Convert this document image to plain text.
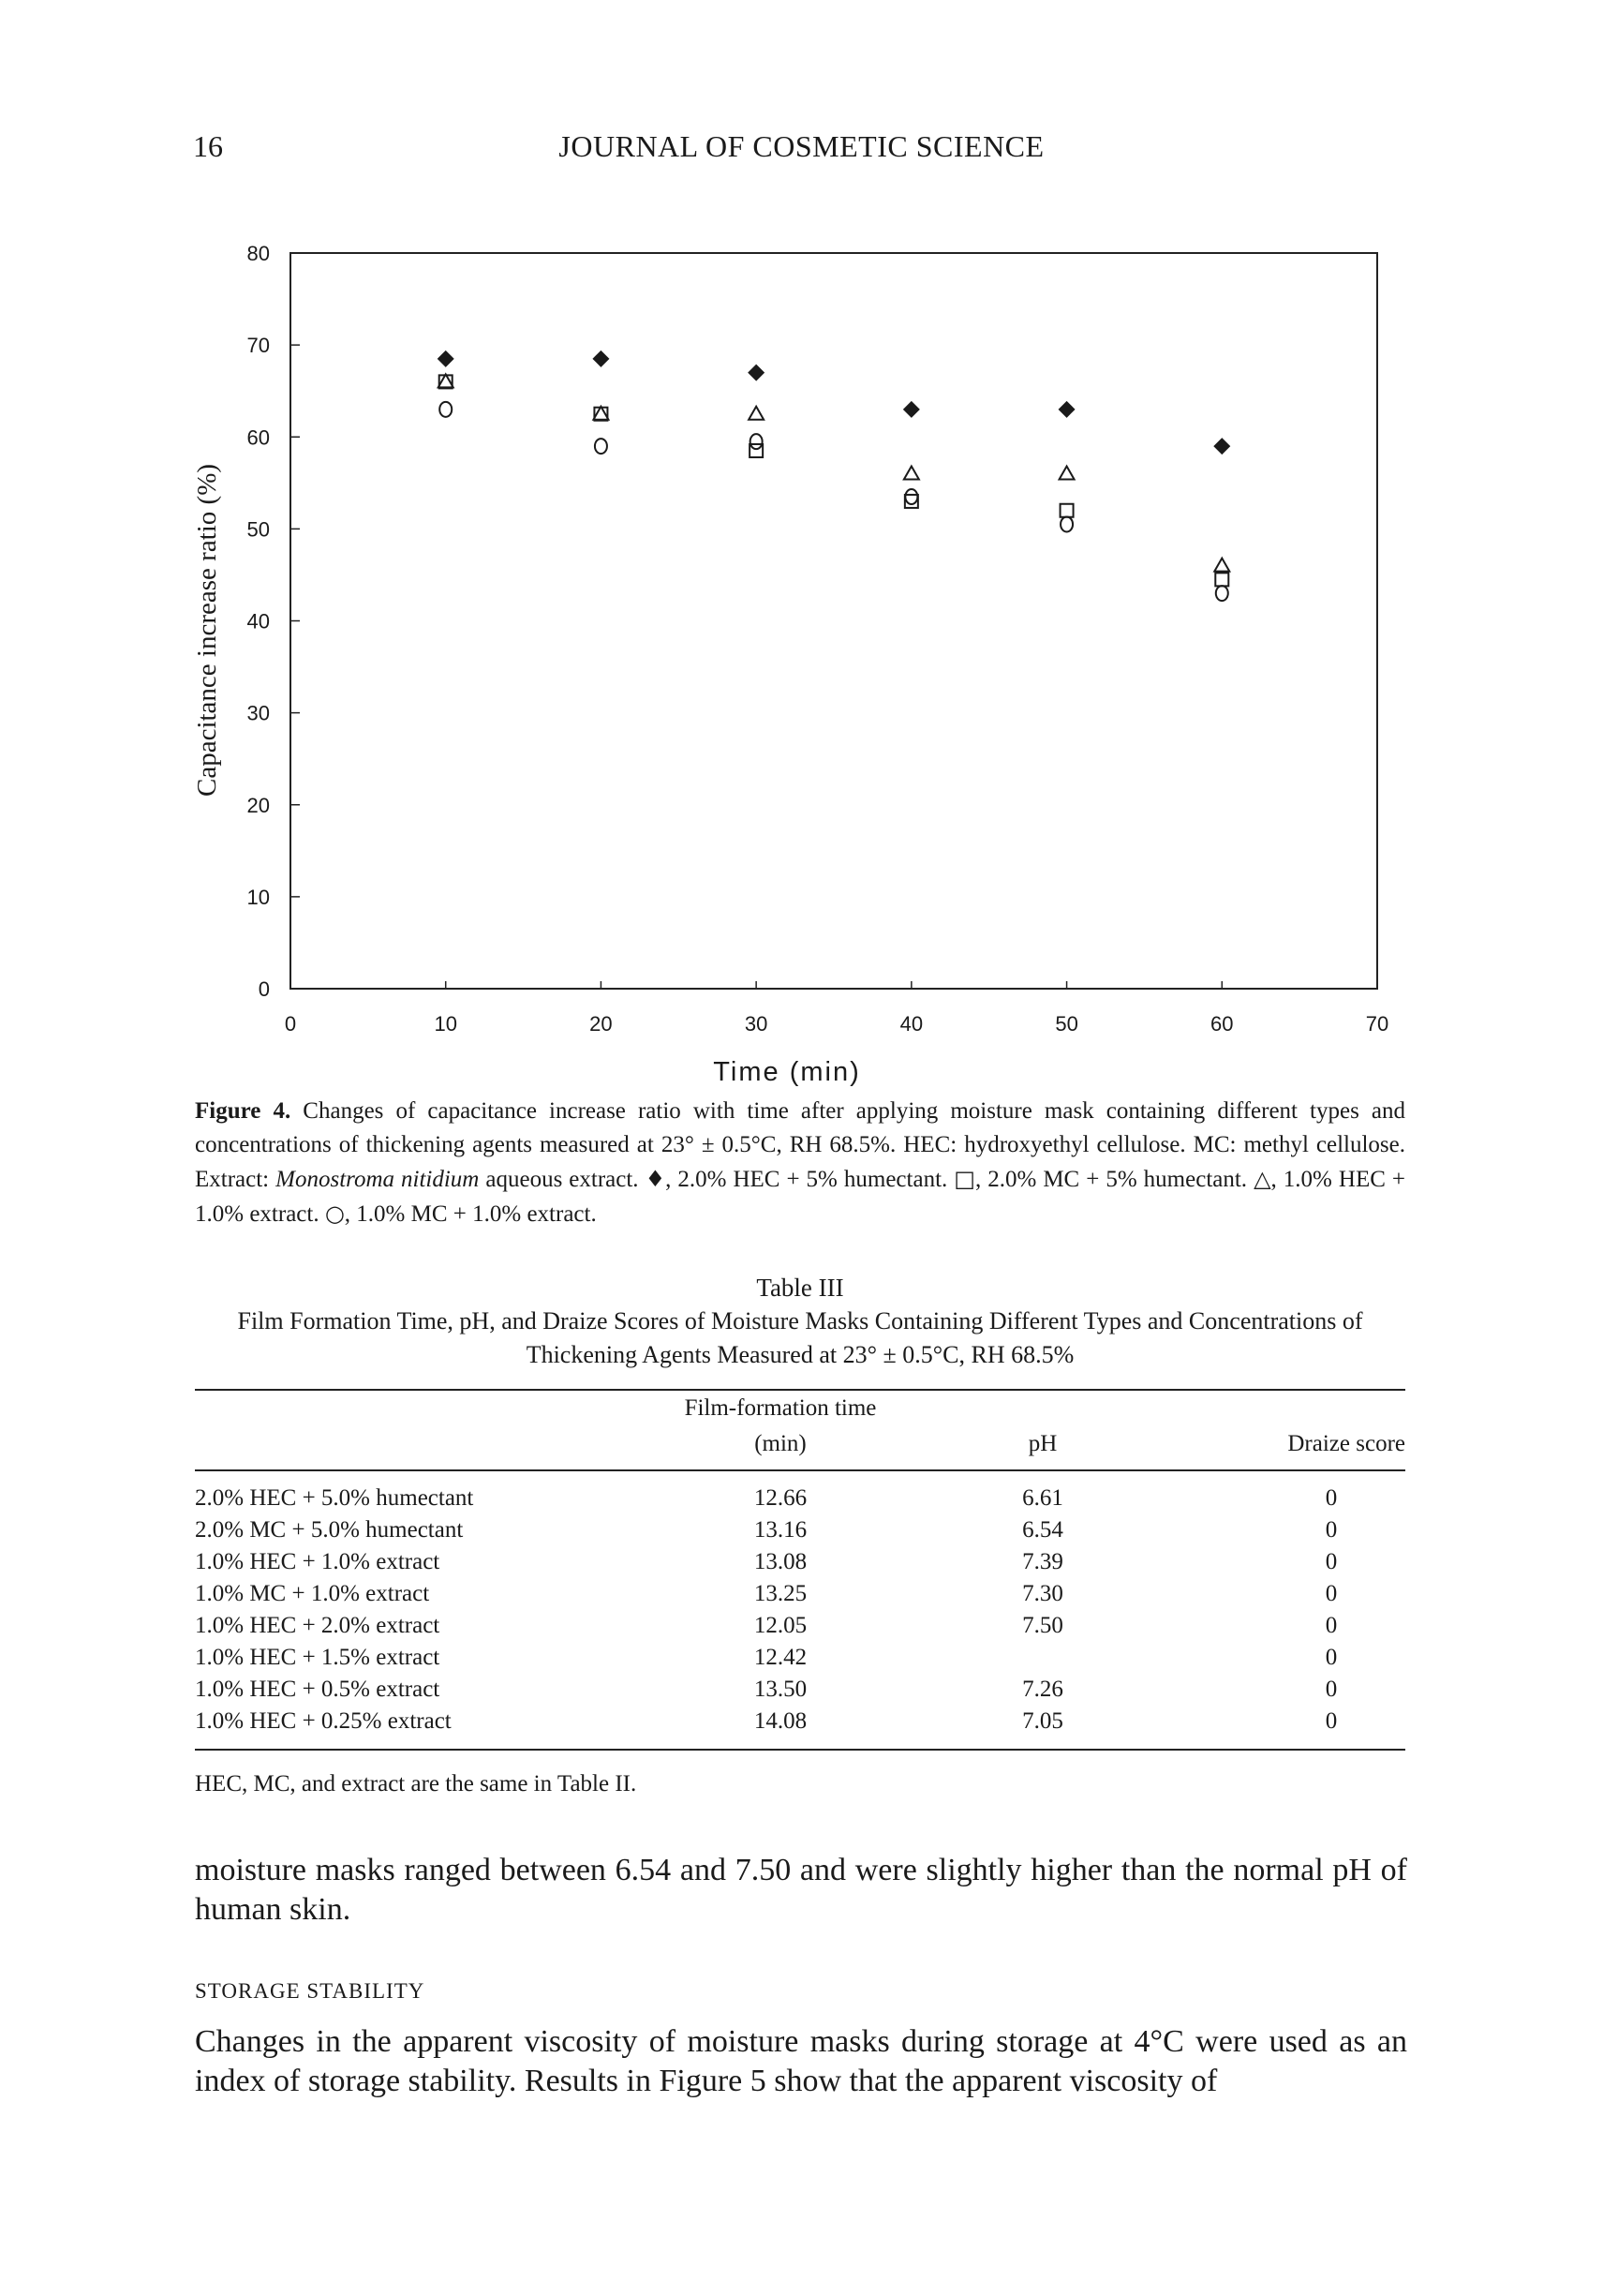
16	JOURNAL OF COSMETIC SCIENCE
0
10
20
30
40
50
60
70
80
0	10	20	30	40	50	60	70
Time (min)
Capacitance increase ratio (%)
Figure 4. Changes of capacitance increase ratio with time after applying moisture mask containing different types and concentrations of thickening agents measured at 23° ± 0.5°C, RH 68.5%. HEC: hydroxyethyl cellulose. MC: methyl cellulose. Extract: Monostroma nitidium aqueous extract. ♦, 2.0% HEC + 5% humectant. □, 2.0% MC + 5% humectant. △, 1.0% HEC + 1.0% extract. ○, 1.0% MC + 1.0% extract.
Table III
Film Formation Time, pH, and Draize Scores of Moisture Masks Containing Different Types and Concentrations of Thickening Agents Measured at 23° ± 0.5°C, RH 68.5%
	Film-formation time		
	(min)	pH	Draize score

2.0% HEC + 5.0% humectant	12.66	6.61	0
2.0% MC + 5.0% humectant	13.16	6.54	0
1.0% HEC + 1.0% extract	13.08	7.39	0
1.0% MC + 1.0% extract	13.25	7.30	0
1.0% HEC + 2.0% extract	12.05	7.50	0
1.0% HEC + 1.5% extract	12.42		0
1.0% HEC + 0.5% extract	13.50	7.26	0
1.0% HEC + 0.25% extract	14.08	7.05	0
HEC, MC, and extract are the same in Table II.
moisture masks ranged between 6.54 and 7.50 and were slightly higher than the normal pH of human skin.
STORAGE STABILITY
Changes in the apparent viscosity of moisture masks during storage at 4°C were used as an index of storage stability. Results in Figure 5 show that the apparent viscosity of
